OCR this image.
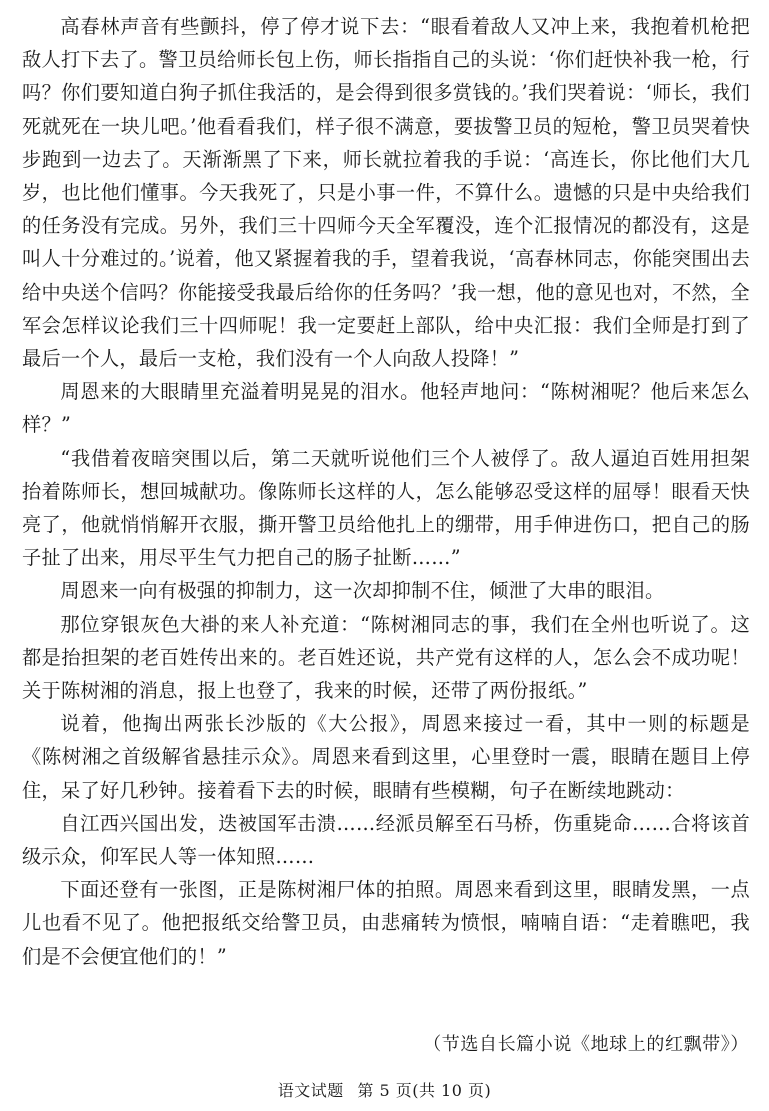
高春林声音有些颤抖，停了停才说下去：“眼看着敌人又冲上来，我抱着机枪把敌人打下去了。警卫员给师长包上伤，师长指指自己的头说：‘你们赶快补我一枪，行吗？你们要知道白狗子抓住我活的，是会得到很多赏钱的。’我们哭着说：‘师长，我们死就死在一块儿吧。’他看看我们，样子很不满意，要拔警卫员的短枪，警卫员哭着快步跑到一边去了。天渐渐黑了下来，师长就拉着我的手说：‘高连长，你比他们大几岁，也比他们懂事。今天我死了，只是小事一件，不算什么。遗憾的只是中央给我们的任务没有完成。另外，我们三十四师今天全军覆没，连个汇报情况的都没有，这是叫人十分难过的。’说着，他又紧握着我的手，望着我说，‘高春林同志，你能突围出去给中央送个信吗？你能接受我最后给你的任务吗？’我一想，他的意见也对，不然，全军会怎样议论我们三十四师呢！我一定要赶上部队，给中央汇报：我们全师是打到了最后一个人，最后一支枪，我们没有一个人向敌人投降！”

周恩来的大眼睛里充溢着明晃晃的泪水。他轻声地问：“陈树湘呢？他后来怎么样？”

“我借着夜暗突围以后，第二天就听说他们三个人被俘了。敌人逼迫百姓用担架抬着陈师长，想回城献功。像陈师长这样的人，怎么能够忍受这样的屈辱！眼看天快亮了，他就悄悄解开衣服，撕开警卫员给他扎上的绷带，用手伸进伤口，把自己的肠子扯了出来，用尽平生气力把自己的肠子扯断……”

周恩来一向有极强的抑制力，这一次却抑制不住，倾泄了大串的眼泪。

那位穿银灰色大褂的来人补充道：“陈树湘同志的事，我们在全州也听说了。这都是抬担架的老百姓传出来的。老百姓还说，共产党有这样的人，怎么会不成功呢！关于陈树湘的消息，报上也登了，我来的时候，还带了两份报纸。”

说着，他掏出两张长沙版的《大公报》，周恩来接过一看，其中一则的标题是《陈树湘之首级解省悬挂示众》。周恩来看到这里，心里登时一震，眼睛在题目上停住，呆了好几秒钟。接着看下去的时候，眼睛有些模糊，句子在断续地跳动：

自江西兴国出发，迭被国军击溃……经派员解至石马桥，伤重毙命……合将该首级示众，仰军民人等一体知照……

下面还登有一张图，正是陈树湘尸体的拍照。周恩来看到这里，眼睛发黑，一点儿也看不见了。他把报纸交给警卫员，由悲痛转为愤恨，喃喃自语：“走着瞧吧，我们是不会便宜他们的！”

（节选自长篇小说《地球上的红飘带》）
语文试题 第 5 页(共 10 页)
